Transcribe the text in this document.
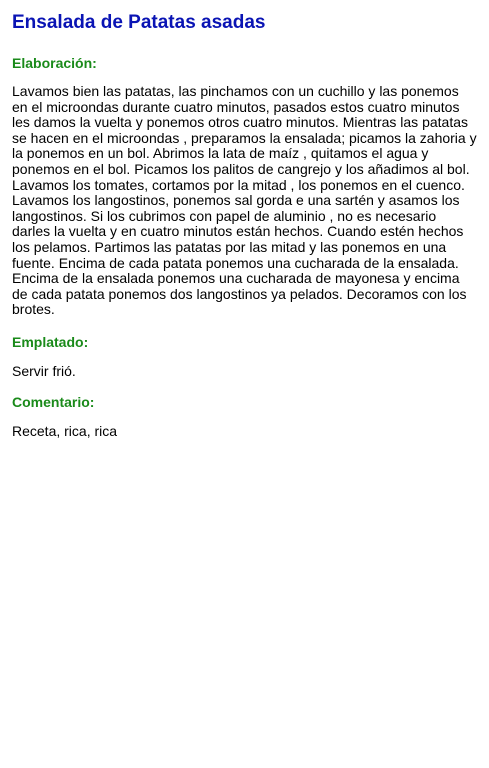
Ensalada de Patatas asadas
Elaboración:

Lavamos bien las patatas, las pinchamos con un cuchillo y las ponemos en el microondas durante cuatro minutos, pasados estos cuatro minutos les damos la vuelta y ponemos otros cuatro minutos. Mientras las patatas se hacen en el microondas , preparamos la ensalada; picamos la zahoria y la ponemos en un bol. Abrimos la lata de maíz , quitamos el agua y ponemos en el bol. Picamos los palitos de cangrejo y los añadimos al bol. Lavamos los tomates, cortamos por la mitad , los ponemos en el cuenco. Lavamos los langostinos, ponemos sal gorda e una sartén y asamos los langostinos. Si los cubrimos con papel de aluminio , no es necesario darles la vuelta y en cuatro minutos están hechos. Cuando estén hechos los pelamos. Partimos las patatas por las mitad y las ponemos en una fuente. Encima de cada patata ponemos una cucharada de la ensalada. Encima de la ensalada ponemos una cucharada de mayonesa y encima de cada patata ponemos dos langostinos ya pelados. Decoramos con los brotes.

Emplatado:

Servir frió.

Comentario:

Receta, rica, rica
